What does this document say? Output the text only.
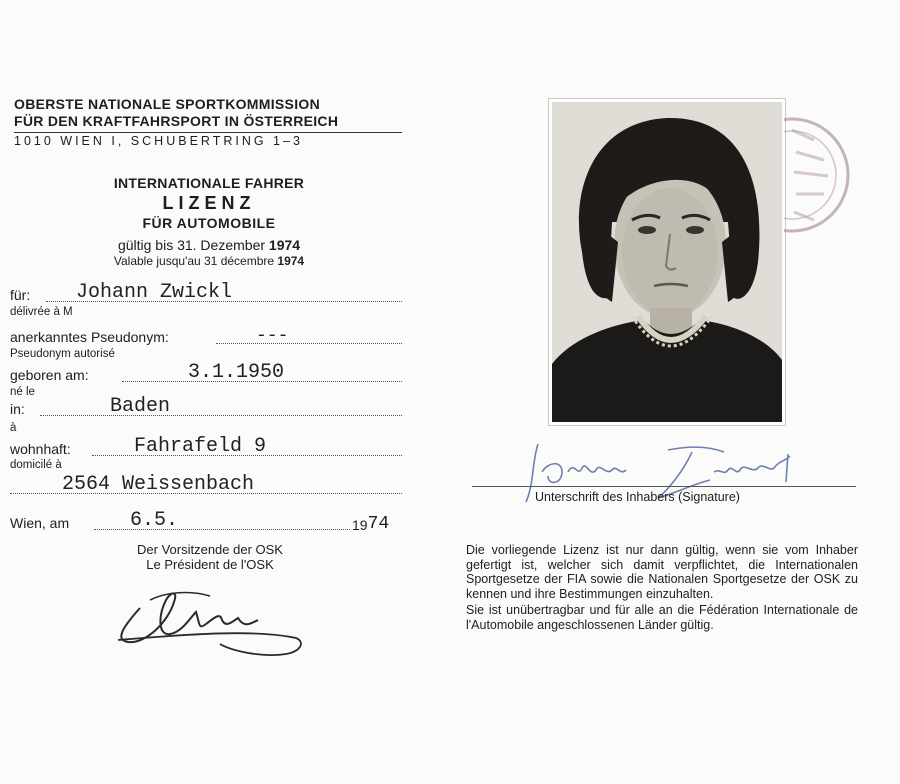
OBERSTE NATIONALE SPORTKOMMISSION
FÜR DEN KRAFTFAHRSPORT IN ÖSTERREICH
1010 WIEN I, SCHUBERTRING 1–3
INTERNATIONALE FAHRER
LIZENZ
FÜR AUTOMOBILE
gültig bis 31. Dezember 1974
Valable jusqu'au 31 décembre 1974
für: Johann Zwickl
délivrée à M
anerkanntes Pseudonym:	---
Pseudonym autorisé
geboren am:	3.1.1950
né le
in:	Baden
à
wohnhaft:	Fahrafeld 9
domicilé à
2564 Weissenbach
Wien, am	6.5.	1974
Der Vorsitzende der OSK
Le Président de l'OSK
Unterschrift des Inhabers (Signature)

Die vorliegende Lizenz ist nur dann gültig, wenn sie vom Inhaber gefertigt ist, welcher sich damit verpflichtet, die Internationalen Sportgesetze der FIA sowie die Nationalen Sportgesetze der OSK zu kennen und ihre Bestimmungen einzuhalten.

Sie ist unübertragbar und für alle an die Fédération Internationale de l'Automobile angeschlossenen Länder gültig.
